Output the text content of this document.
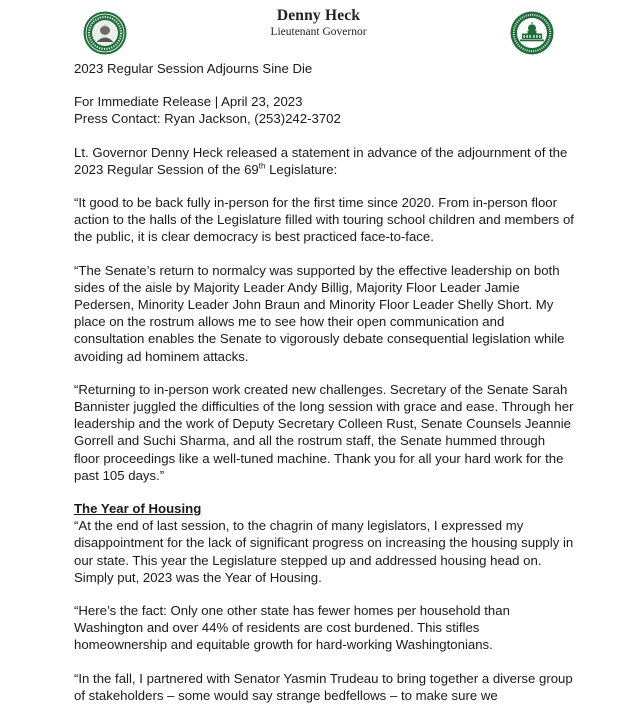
Denny Heck
Lieutenant Governor

2023 Regular Session Adjourns Sine Die

For Immediate Release | April 23, 2023

Press Contact: Ryan Jackson, (253)242-3702

Lt. Governor Denny Heck released a statement in advance of the adjournment of the 2023 Regular Session of the 69th Legislature:

“It good to be back fully in-person for the first time since 2020. From in-person floor action to the halls of the Legislature filled with touring school children and members of the public, it is clear democracy is best practiced face-to-face.

“The Senate’s return to normalcy was supported by the effective leadership on both sides of the aisle by Majority Leader Andy Billig, Majority Floor Leader Jamie Pedersen, Minority Leader John Braun and Minority Floor Leader Shelly Short. My place on the rostrum allows me to see how their open communication and consultation enables the Senate to vigorously debate consequential legislation while avoiding ad hominem attacks.

“Returning to in-person work created new challenges. Secretary of the Senate Sarah Bannister juggled the difficulties of the long session with grace and ease. Through her leadership and the work of Deputy Secretary Colleen Rust, Senate Counsels Jeannie Gorrell and Suchi Sharma, and all the rostrum staff, the Senate hummed through floor proceedings like a well-tuned machine. Thank you for all your hard work for the past 105 days.”

The Year of Housing

“At the end of last session, to the chagrin of many legislators, I expressed my disappointment for the lack of significant progress on increasing the housing supply in our state. This year the Legislature stepped up and addressed housing head on. Simply put, 2023 was the Year of Housing.

“Here’s the fact: Only one other state has fewer homes per household than Washington and over 44% of residents are cost burdened. This stifles homeownership and equitable growth for hard-working Washingtonians.

“In the fall, I partnered with Senator Yasmin Trudeau to bring together a diverse group of stakeholders – some would say strange bedfellows – to make sure we
